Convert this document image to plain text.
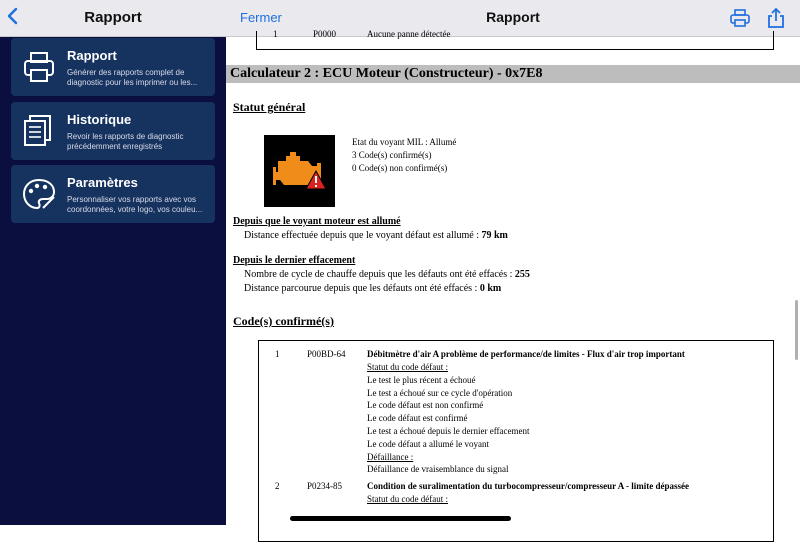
Rapport
Rapport
Générer des rapports complet de diagnostic pour les imprimer ou les...
Historique
Revoir les rapports de diagnostic précédemment enregistrés
Paramètres
Personnaliser vos rapports avec vos coordonnées, votre logo, vos couleu...
Fermer	Rapport
1	P0000	Aucune panne détectée
Calculateur 2 : ECU Moteur (Constructeur) - 0x7E8
Statut général
Etat du voyant MIL : Allumé
3 Code(s) confirmé(s)
0 Code(s) non confirmé(s)
Depuis que le voyant moteur est allumé
Distance effectuée depuis que le voyant défaut est allumé : 79 km
Depuis le dernier effacement
Nombre de cycle de chauffe depuis que les défauts ont été effacés : 255
Distance parcourue depuis que les défauts ont été effacés : 0 km
Code(s) confirmé(s)
1	P00BD-64 Débitmètre d'air A problème de performance/de limites - Flux d'air trop important
Statut du code défaut :
Le test le plus récent a échoué
Le test a échoué sur ce cycle d'opération
Le code défaut est non confirmé
Le code défaut est confirmé
Le test a échoué depuis le dernier effacement
Le code défaut a allumé le voyant
Défaillance :
Défaillance de vraisemblance du signal
2	P0234-85	Condition de suralimentation du turbocompresseur/compresseur A - limite dépassée
Statut du code défaut :
